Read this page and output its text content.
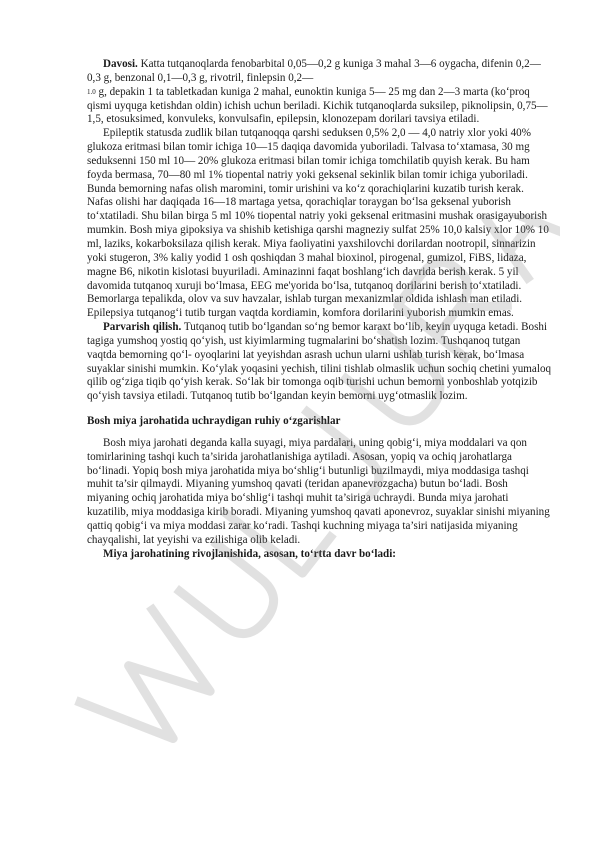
Davosi. Katta tutqanoqlarda fenobarbital 0,05—0,2 g kuniga 3 mahal 3—6 oygacha, difenin 0,2—0,3 g, benzonal 0,1—0,3 g, rivotril, finlepsin 0,2—
1.0 g, depakin 1 ta tabletkadan kuniga 2 mahal, eunoktin kuniga 5— 25 mg dan 2—3 marta (ko‘proq qismi uyquga ketishdan oldin) ichish uchun beriladi. Kichik tutqanoqlarda suksilep, piknolipsin, 0,75—1,5, etosuksimed, konvuleks, konvulsafin, epilepsin, klonozepam dorilari tavsiya etiladi.

Epileptik statusda zudlik bilan tutqanoqqa qarshi seduksen 0,5% 2,0 — 4,0 natriy xlor yoki 40% glukoza eritmasi bilan tomir ichiga 10—15 daqiqa davomida yuboriladi. Talvasa to‘xtamasa, 30 mg seduksenni 150 ml 10— 20% glukoza eritmasi bilan tomir ichiga tomchilatib quyish kerak. Bu ham foyda bermasa, 70—80 ml 1% tiopental natriy yoki geksenal sekinlik bilan tomir ichiga yuboriladi. Bunda bemorning nafas olish maromini, tomir urishini va ko‘z qorachiqlarini kuzatib turish kerak. Nafas olishi har daqiqada 16—18 martaga yetsa, qorachiqlar toraygan bo‘lsa geksenal yuborish to‘xtatiladi. Shu bilan birga 5 ml 10% tiopental natriy yoki geksenal eritmasini mushak orasigayuborish mumkin. Bosh miya gipoksiya va shishib ketishiga qarshi magneziy sulfat 25% 10,0 kalsiy xlor 10% 10 ml, laziks, kokarboksilaza qilish kerak. Miya faoliyatini yaxshilovchi dorilardan nootropil, sinnarizin yoki stugeron, 3% kaliy yodid 1 osh qoshiqdan 3 mahal bioxinol, pirogenal, gumizol, FiBS, lidaza, magne B6, nikotin kislotasi buyuriladi. Aminazinni faqat boshlang‘ich davrida berish kerak. 5 yil davomida tutqanoq xuruji bo‘lmasa, EEG me'yorida bo‘lsa, tutqanoq dorilarini berish to‘xtatiladi. Bemorlarga tepalikda, olov va suv havzalar, ishlab turgan mexanizmlar oldida ishlash man etiladi. Epilepsiya tutqanog‘i tutib turgan vaqtda kordiamin, komfora dorilarini yuborish mumkin emas.

Parvarish qilish. Tutqanoq tutib bo‘lgandan so‘ng bemor karaxt bo‘lib, keyin uyquga ketadi. Boshi tagiga yumshoq yostiq qo‘yish, ust kiyimlarming tugmalarini bo‘shatish lozim. Tushqanoq tutgan vaqtda bemorning qo‘l- oyoqlarini lat yeyishdan asrash uchun ularni ushlab turish kerak, bo‘lmasa suyaklar sinishi mumkin. Ko‘ylak yoqasini yechish, tilini tishlab olmaslik uchun sochiq chetini yumaloq qilib og‘ziga tiqib qo‘yish kerak. So‘lak bir tomonga oqib turishi uchun bemorni yonboshlab yotqizib qo‘yish tavsiya etiladi. Tutqanoq tutib bo‘lgandan keyin bemorni uyg‘otmaslik lozim.

Bosh miya jarohatida uchraydigan ruhiy o‘zgarishlar

Bosh miya jarohati deganda kalla suyagi, miya pardalari, uning qobig‘i, miya moddalari va qon tomirlarining tashqi kuch ta’sirida jarohatlanishiga aytiladi. Asosan, yopiq va ochiq jarohatlarga bo‘linadi. Yopiq bosh miya jarohatida miya bo‘shlig‘i butunligi buzilmaydi, miya moddasiga tashqi muhit ta’sir qilmaydi. Miyaning yumshoq qavati (teridan apanevrozgacha) butun bo‘ladi. Bosh miyaning ochiq jarohatida miya bo‘shlig‘i tashqi muhit ta’siriga uchraydi. Bunda miya jarohati kuzatilib, miya moddasiga kirib boradi. Miyaning yumshoq qavati aponevroz, suyaklar sinishi miyaning qattiq qobig‘i va miya moddasi zarar ko‘radi. Tashqi kuchning miyaga ta’siri natijasida miyaning chayqalishi, lat yeyishi va ezilishiga olib keladi.

Miya jarohatining rivojlanishida, asosan, to‘rtta davr bo‘ladi:
